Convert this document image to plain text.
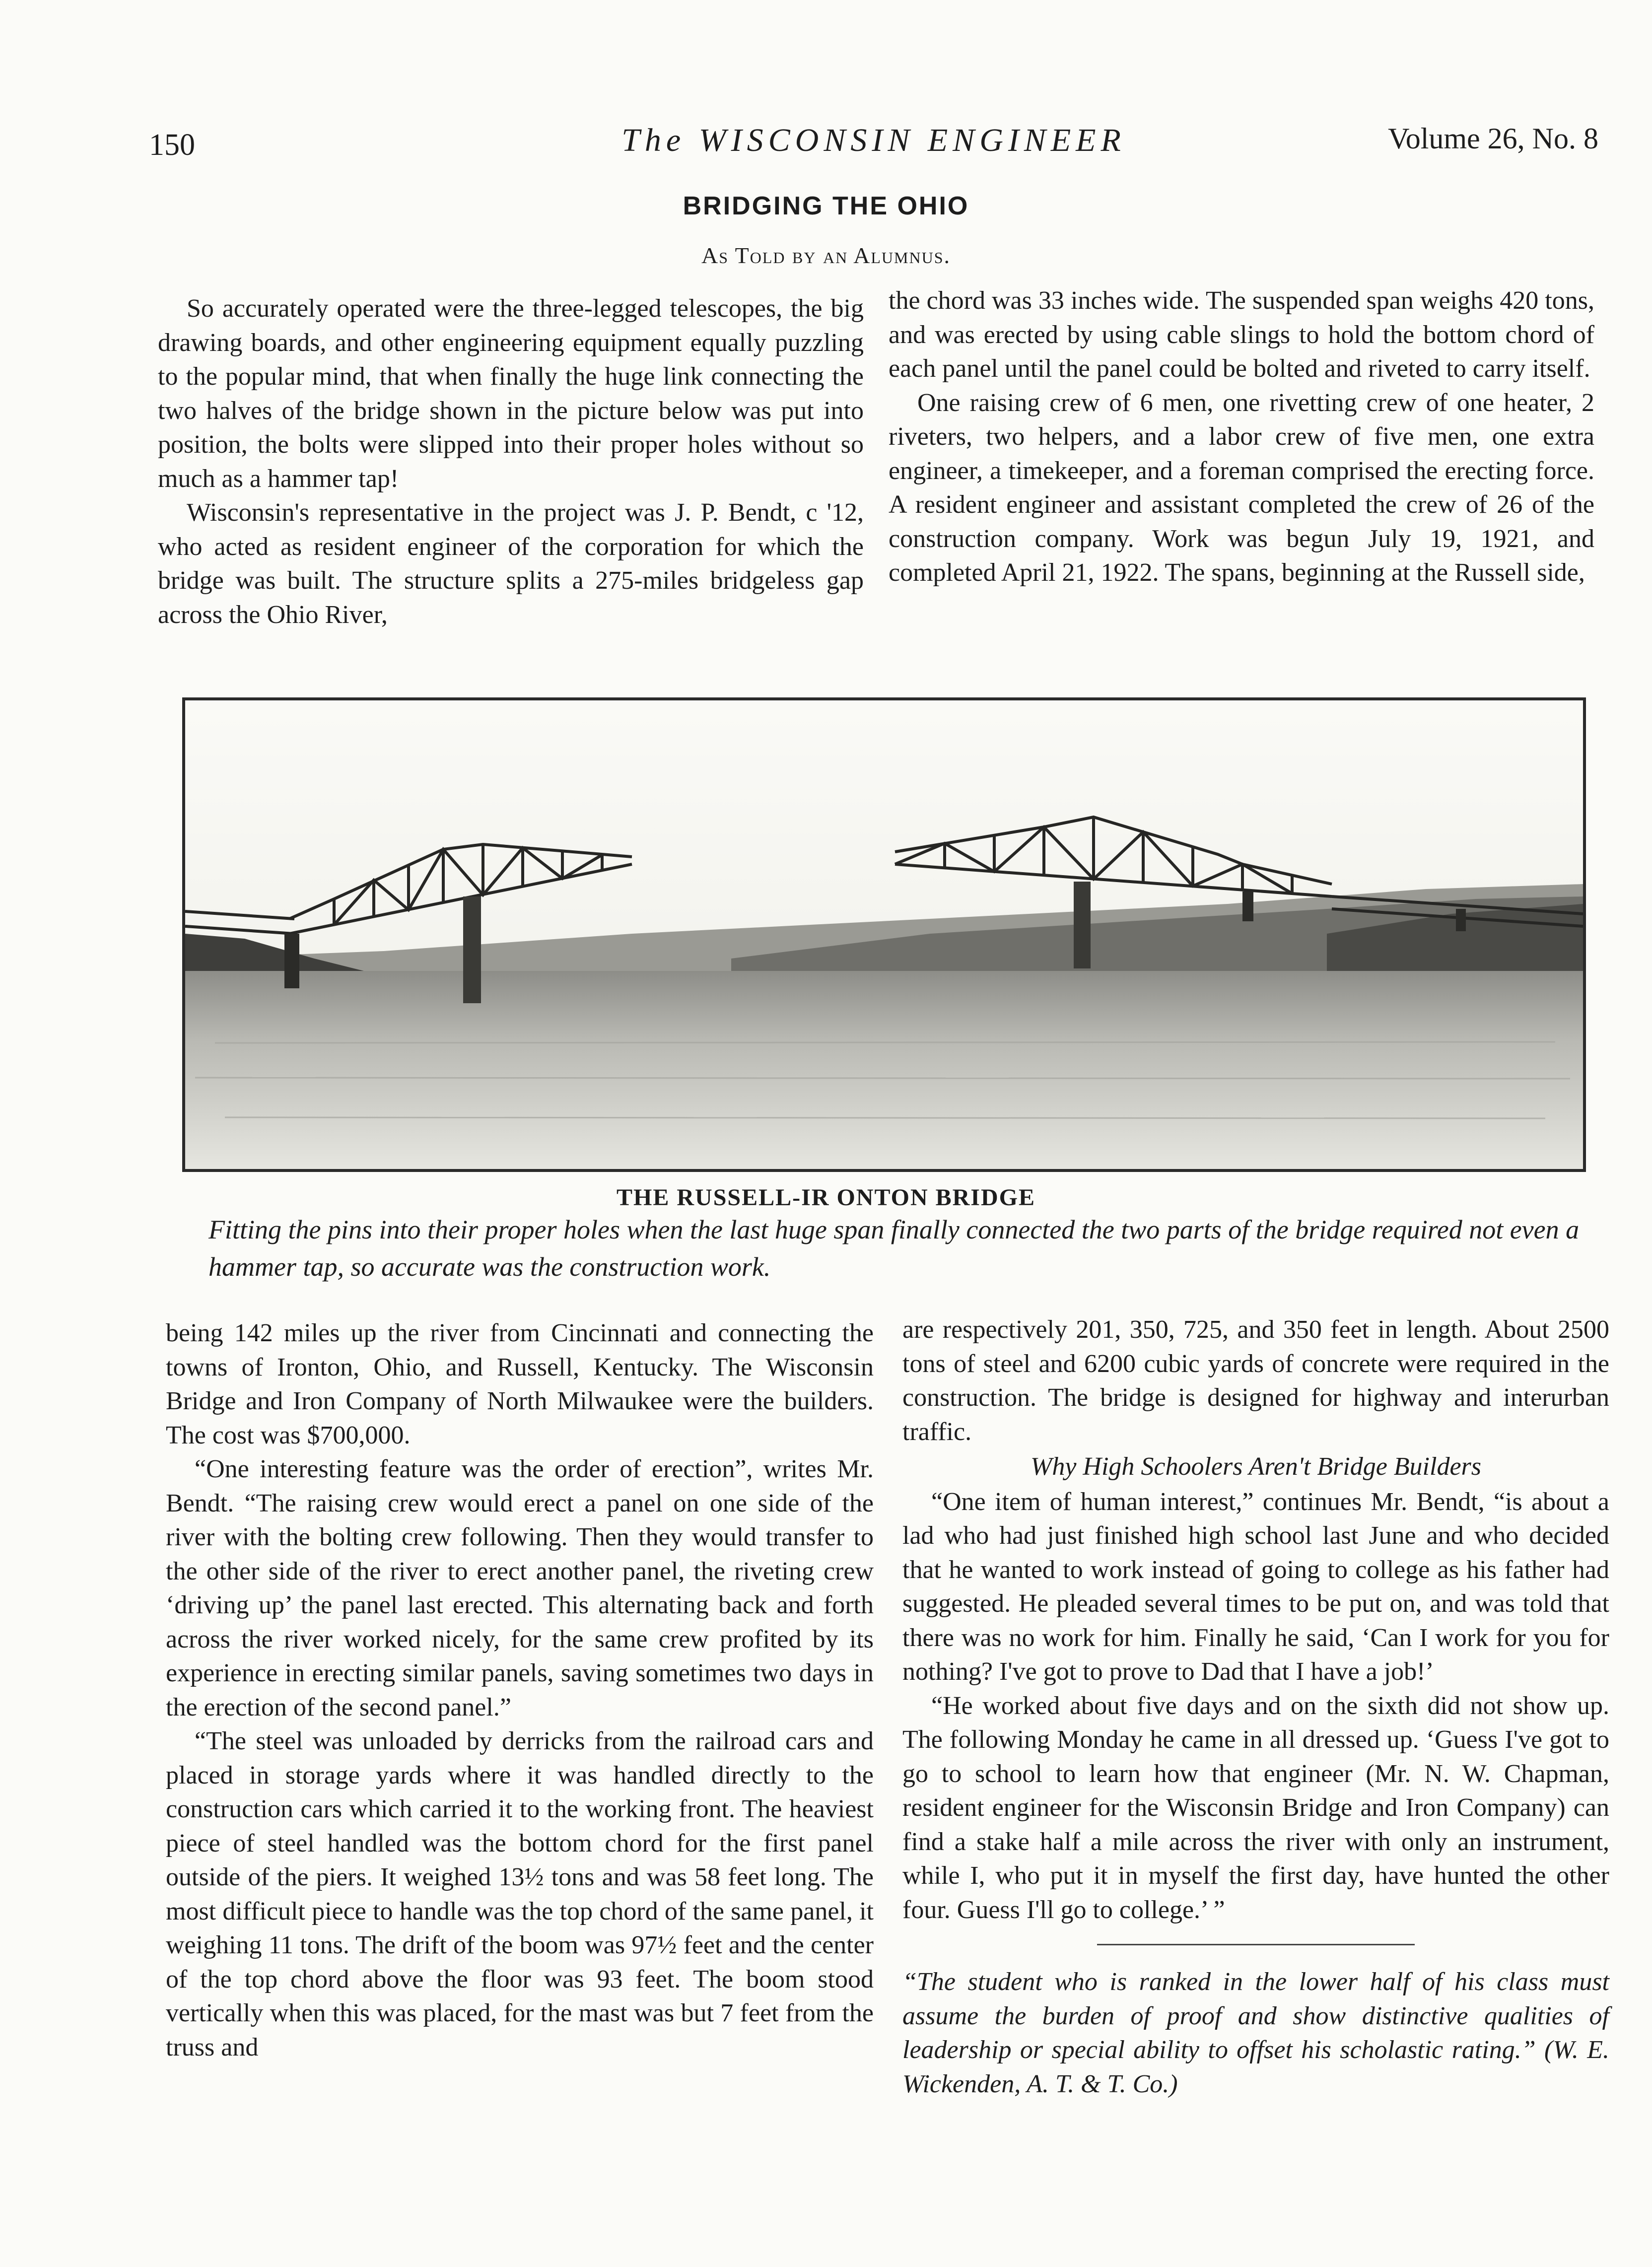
150	The WISCONSIN ENGINEER	Volume 26, No. 8
BRIDGING THE OHIO
As Told by an Alumnus.

So accurately operated were the three-legged telescopes, the big drawing boards, and other engineering equipment equally puzzling to the popular mind, that when finally the huge link connecting the two halves of the bridge shown in the picture below was put into position, the bolts were slipped into their proper holes without so much as a hammer tap!

Wisconsin's representative in the project was J. P. Bendt, c '12, who acted as resident engineer of the corporation for which the bridge was built. The structure splits a 275-miles bridgeless gap across the Ohio River,

the chord was 33 inches wide. The suspended span weighs 420 tons, and was erected by using cable slings to hold the bottom chord of each panel until the panel could be bolted and riveted to carry itself.

One raising crew of 6 men, one rivetting crew of one heater, 2 riveters, two helpers, and a labor crew of five men, one extra engineer, a timekeeper, and a foreman comprised the erecting force. A resident engineer and assistant completed the crew of 26 of the construction company. Work was begun July 19, 1921, and completed April 21, 1922. The spans, beginning at the Russell side,

THE RUSSELL-IR ONTON BRIDGE
Fitting the pins into their proper holes when the last huge span finally connected the two parts of the bridge required not even a hammer tap, so accurate was the construction work.

being 142 miles up the river from Cincinnati and connecting the towns of Ironton, Ohio, and Russell, Kentucky. The Wisconsin Bridge and Iron Company of North Milwaukee were the builders. The cost was $700,000.

“One interesting feature was the order of erection”, writes Mr. Bendt. “The raising crew would erect a panel on one side of the river with the bolting crew following. Then they would transfer to the other side of the river to erect another panel, the riveting crew ‘driving up’ the panel last erected. This alternating back and forth across the river worked nicely, for the same crew profited by its experience in erecting similar panels, saving sometimes two days in the erection of the second panel.”

“The steel was unloaded by derricks from the railroad cars and placed in storage yards where it was handled directly to the construction cars which carried it to the working front. The heaviest piece of steel handled was the bottom chord for the first panel outside of the piers. It weighed 13½ tons and was 58 feet long. The most difficult piece to handle was the top chord of the same panel, it weighing 11 tons. The drift of the boom was 97½ feet and the center of the top chord above the floor was 93 feet. The boom stood vertically when this was placed, for the mast was but 7 feet from the truss and

are respectively 201, 350, 725, and 350 feet in length. About 2500 tons of steel and 6200 cubic yards of concrete were required in the construction. The bridge is designed for highway and interurban traffic.

Why High Schoolers Aren't Bridge Builders

“One item of human interest,” continues Mr. Bendt, “is about a lad who had just finished high school last June and who decided that he wanted to work instead of going to college as his father had suggested. He pleaded several times to be put on, and was told that there was no work for him. Finally he said, ‘Can I work for you for nothing? I've got to prove to Dad that I have a job!’

“He worked about five days and on the sixth did not show up. The following Monday he came in all dressed up. ‘Guess I've got to go to school to learn how that engineer (Mr. N. W. Chapman, resident engineer for the Wisconsin Bridge and Iron Company) can find a stake half a mile across the river with only an instrument, while I, who put it in myself the first day, have hunted the other four. Guess I'll go to college.’ ”

“The student who is ranked in the lower half of his class must assume the burden of proof and show distinctive qualities of leadership or special ability to offset his scholastic rating.” (W. E. Wickenden, A. T. & T. Co.)
